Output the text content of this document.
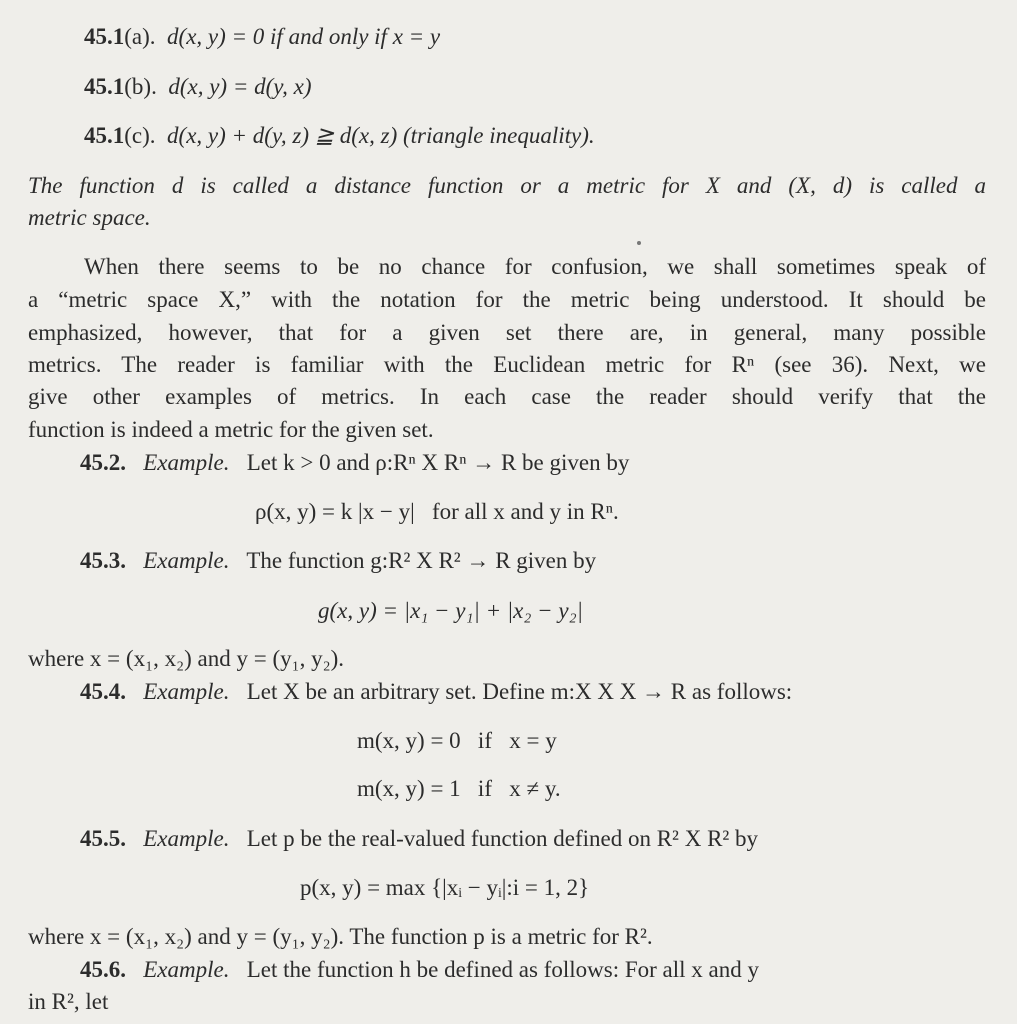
45.1(a). d(x, y) = 0 if and only if x = y
45.1(b). d(x, y) = d(y, x)
45.1(c). d(x, y) + d(y, z) ≧ d(x, z) (triangle inequality).
The function d is called a distance function or a metric for X and (X, d) is called a
metric space.
When there seems to be no chance for confusion, we shall sometimes speak of
a “metric space X,” with the notation for the metric being understood. It should be
emphasized, however, that for a given set there are, in general, many possible
metrics. The reader is familiar with the Euclidean metric for Rⁿ (see 36). Next, we
give other examples of metrics. In each case the reader should verify that the
function is indeed a metric for the given set.
45.2. Example. Let k > 0 and ρ:Rⁿ X Rⁿ → R be given by
ρ(x, y) = k |x − y|   for all x and y in Rⁿ.
45.3. Example. The function g:R² X R² → R given by
g(x, y) = |x₁ − y₁| + |x₂ − y₂|
where x = (x₁, x₂) and y = (y₁, y₂).
45.4. Example. Let X be an arbitrary set. Define m:X X X → R as follows:
m(x, y) = 0   if   x = y
m(x, y) = 1   if   x ≠ y.
45.5. Example. Let p be the real-valued function defined on R² X R² by
p(x, y) = max {|xᵢ − yᵢ|:i = 1, 2}
where x = (x₁, x₂) and y = (y₁, y₂). The function p is a metric for R².
45.6. Example. Let the function h be defined as follows: For all x and y
in R², let
